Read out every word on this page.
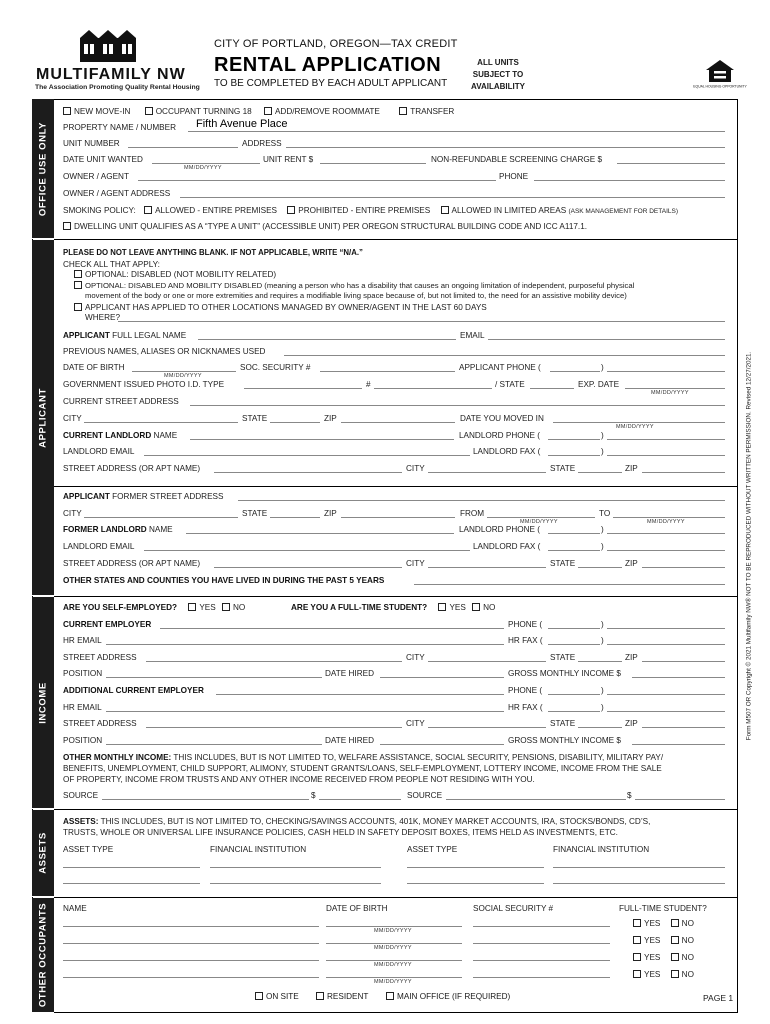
MULTIFAMILY NW
The Association Promoting Quality Rental Housing
CITY OF PORTLAND, OREGON—TAX CREDIT
RENTAL APPLICATION
TO BE COMPLETED BY EACH ADULT APPLICANT
ALL UNITS
SUBJECT TO
AVAILABILITY	EQUAL HOUSING OPPORTUNITY
OFFICE USE ONLY
APPLICANT
INCOME
ASSETS
OTHER OCCUPANTS
NEW MOVE-IN	OCCUPANT TURNING 18	ADD/REMOVE ROOMMATE	TRANSFER
PROPERTY NAME / NUMBER Fifth Avenue Place
UNIT NUMBER	ADDRESS
DATE UNIT WANTED
MM/DD/YYYY
UNIT RENT $	NON-REFUNDABLE SCREENING CHARGE $
OWNER / AGENT	PHONE
OWNER / AGENT ADDRESS
SMOKING POLICY: ALLOWED - ENTIRE PREMISES	PROHIBITED - ENTIRE PREMISES	ALLOWED IN LIMITED AREAS (ASK MANAGEMENT FOR DETAILS)
DWELLING UNIT QUALIFIES AS A “TYPE A UNIT” (ACCESSIBLE UNIT) PER OREGON STRUCTURAL BUILDING CODE AND ICC A117.1.
PLEASE DO NOT LEAVE ANYTHING BLANK. IF NOT APPLICABLE, WRITE “N/A.”
CHECK ALL THAT APPLY:
OPTIONAL: DISABLED (NOT MOBILITY RELATED)
OPTIONAL: DISABLED AND MOBILITY DISABLED (meaning a person who has a disability that causes an ongoing limitation of independent, purposeful physical
movement of the body or one or more extremities and requires a modifiable living space because of, but not limited to, the need for an assistive mobility device)
APPLICANT HAS APPLIED TO OTHER LOCATIONS MANAGED BY OWNER/AGENT IN THE LAST 60 DAYS
WHERE?
APPLICANT FULL LEGAL NAME	EMAIL
PREVIOUS NAMES, ALIASES OR NICKNAMES USED
DATE OF BIRTH
MM/DD/YYYY
SOC. SECURITY #	APPLICANT PHONE (	)
GOVERNMENT ISSUED PHOTO I.D. TYPE	#	/ STATE	EXP. DATE
MM/DD/YYYY
CURRENT STREET ADDRESS
CITY	STATE	ZIP	DATE YOU MOVED IN
MM/DD/YYYY
CURRENT LANDLORD NAME	LANDLORD PHONE (	)
LANDLORD EMAIL	LANDLORD FAX (	)
STREET ADDRESS (OR APT NAME)	CITY	STATE	ZIP
APPLICANT FORMER STREET ADDRESS
CITY	STATE	ZIP	FROM
MM/DD/YYYY
TO
MM/DD/YYYY
FORMER LANDLORD NAME	LANDLORD PHONE (	)
LANDLORD EMAIL	LANDLORD FAX (	)
STREET ADDRESS (OR APT NAME)	CITY	STATE	ZIP
OTHER STATES AND COUNTIES YOU HAVE LIVED IN DURING THE PAST 5 YEARS
ARE YOU SELF-EMPLOYED?	YES NO	ARE YOU A FULL-TIME STUDENT?	YES NO
CURRENT EMPLOYER	PHONE (	)
HR EMAIL	HR FAX (	)
STREET ADDRESS	CITY	STATE	ZIP
POSITION	DATE HIRED	GROSS MONTHLY INCOME $
ADDITIONAL CURRENT EMPLOYER	PHONE (	)
HR EMAIL	HR FAX (	)
STREET ADDRESS	CITY	STATE	ZIP
POSITION	DATE HIRED	GROSS MONTHLY INCOME $
OTHER MONTHLY INCOME: THIS INCLUDES, BUT IS NOT LIMITED TO, WELFARE ASSISTANCE, SOCIAL SECURITY, PENSIONS, DISABILITY, MILITARY PAY/
BENEFITS, UNEMPLOYMENT, CHILD SUPPORT, ALIMONY, STUDENT GRANTS/LOANS, SELF-EMPLOYMENT, LOTTERY INCOME, INCOME FROM THE SALE
OF PROPERTY, INCOME FROM TRUSTS AND ANY OTHER INCOME RECEIVED FROM PEOPLE NOT RESIDING WITH YOU.
SOURCE	$	SOURCE	$
ASSETS: THIS INCLUDES, BUT IS NOT LIMITED TO, CHECKING/SAVINGS ACCOUNTS, 401K, MONEY MARKET ACCOUNTS, IRA, STOCKS/BONDS, CD’S,
TRUSTS, WHOLE OR UNIVERSAL LIFE INSURANCE POLICIES, CASH HELD IN SAFETY DEPOSIT BOXES, ITEMS HELD AS INVESTMENTS, ETC.
ASSET TYPE	FINANCIAL INSTITUTION	ASSET TYPE	FINANCIAL INSTITUTION
NAME	DATE OF BIRTH	SOCIAL SECURITY #	FULL-TIME STUDENT?
MM/DD/YYYY
YES	NO
MM/DD/YYYY
YES	NO
MM/DD/YYYY
YES	NO
MM/DD/YYYY
YES	NO
ON SITE	RESIDENT	MAIN OFFICE (IF REQUIRED)	PAGE 1
Form M507 OR Copyright © 2021 Multifamily NW® NOT TO BE REPRODUCED WITHOUT WRITTEN PERMISSION. Revised 12/27/2021.
